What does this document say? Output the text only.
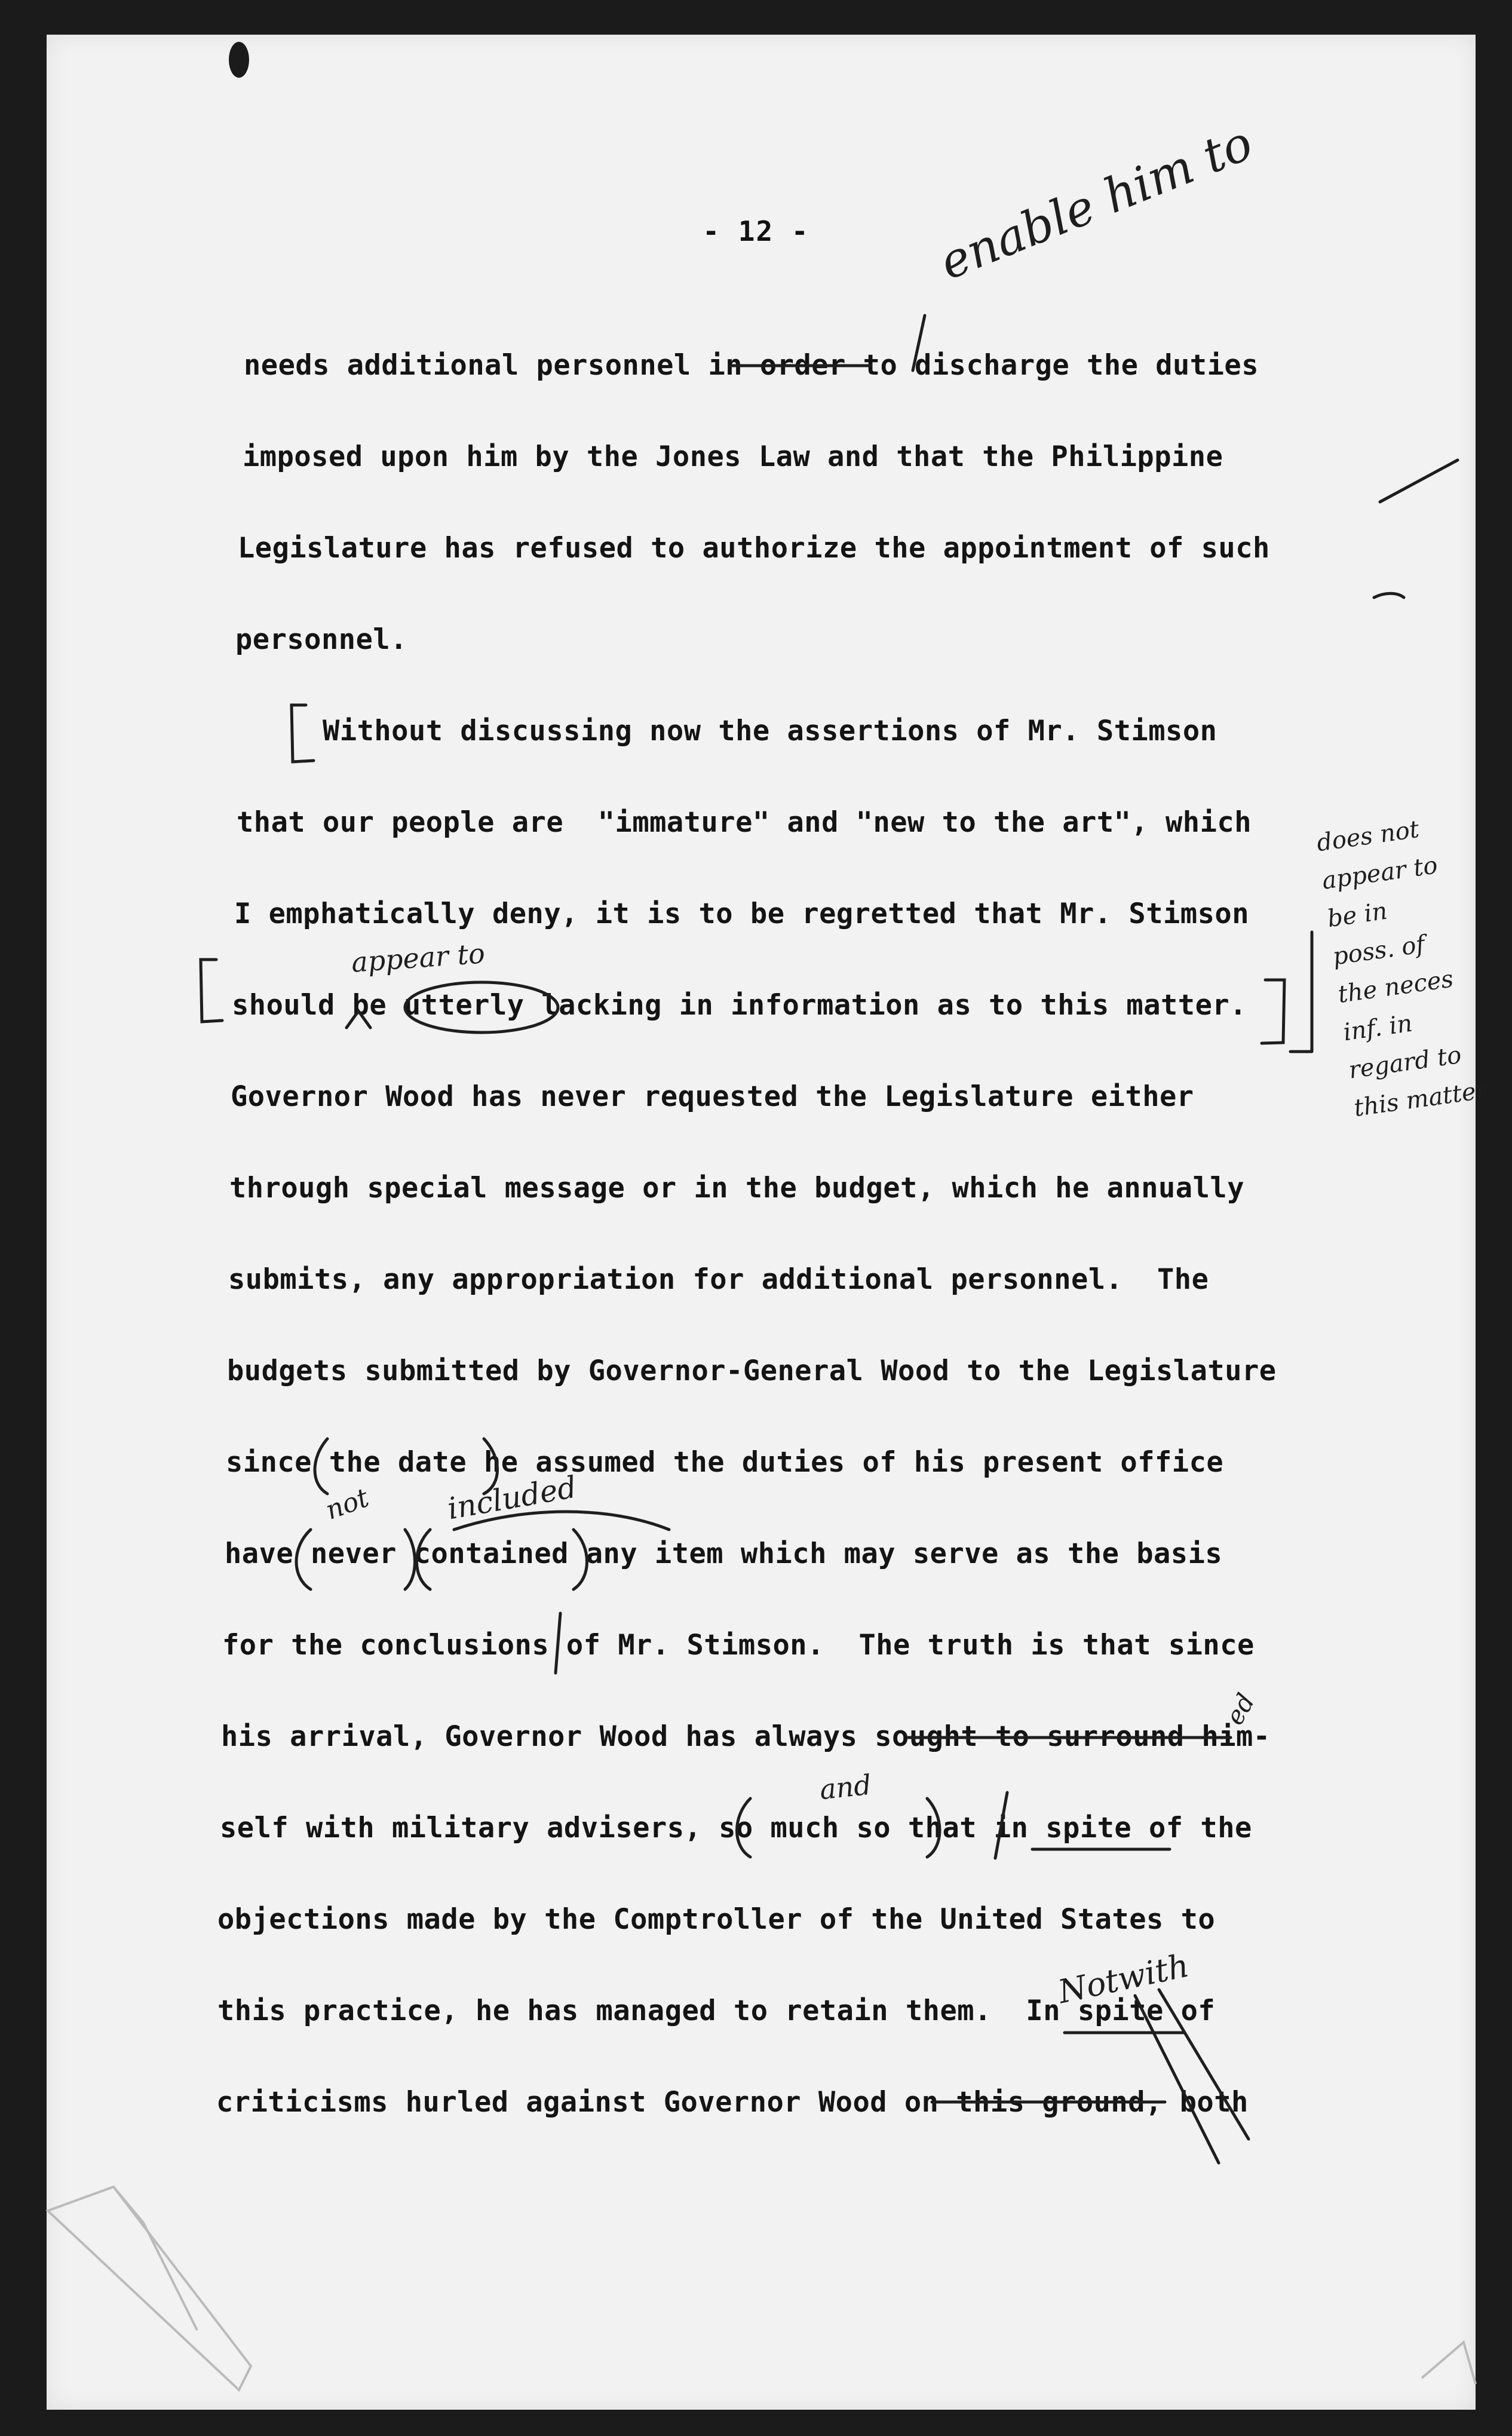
- 12 -
needs additional personnel in order to discharge the duties
imposed upon him by the Jones Law and that the Philippine
Legislature has refused to authorize the appointment of such
personnel.
Without discussing now the assertions of Mr. Stimson
that our people are  "immature" and "new to the art", which
I emphatically deny, it is to be regretted that Mr. Stimson
should be utterly lacking in information as to this matter.
Governor Wood has never requested the Legislature either
through special message or in the budget, which he annually
submits, any appropriation for additional personnel.  The
budgets submitted by Governor-General Wood to the Legislature
since the date he assumed the duties of his present office
have never contained any item which may serve as the basis
for the conclusions of Mr. Stimson.  The truth is that since
his arrival, Governor Wood has always sought to surround him-
self with military advisers, so much so that in spite of the
objections made by the Comptroller of the United States to
this practice, he has managed to retain them.  In spite of
criticisms hurled against Governor Wood on this ground, both
enable him to
appear to
not included
and
ed
Notwith
does not
appear to
be in
poss. of
the neces
inf. in
regard to
this matter
